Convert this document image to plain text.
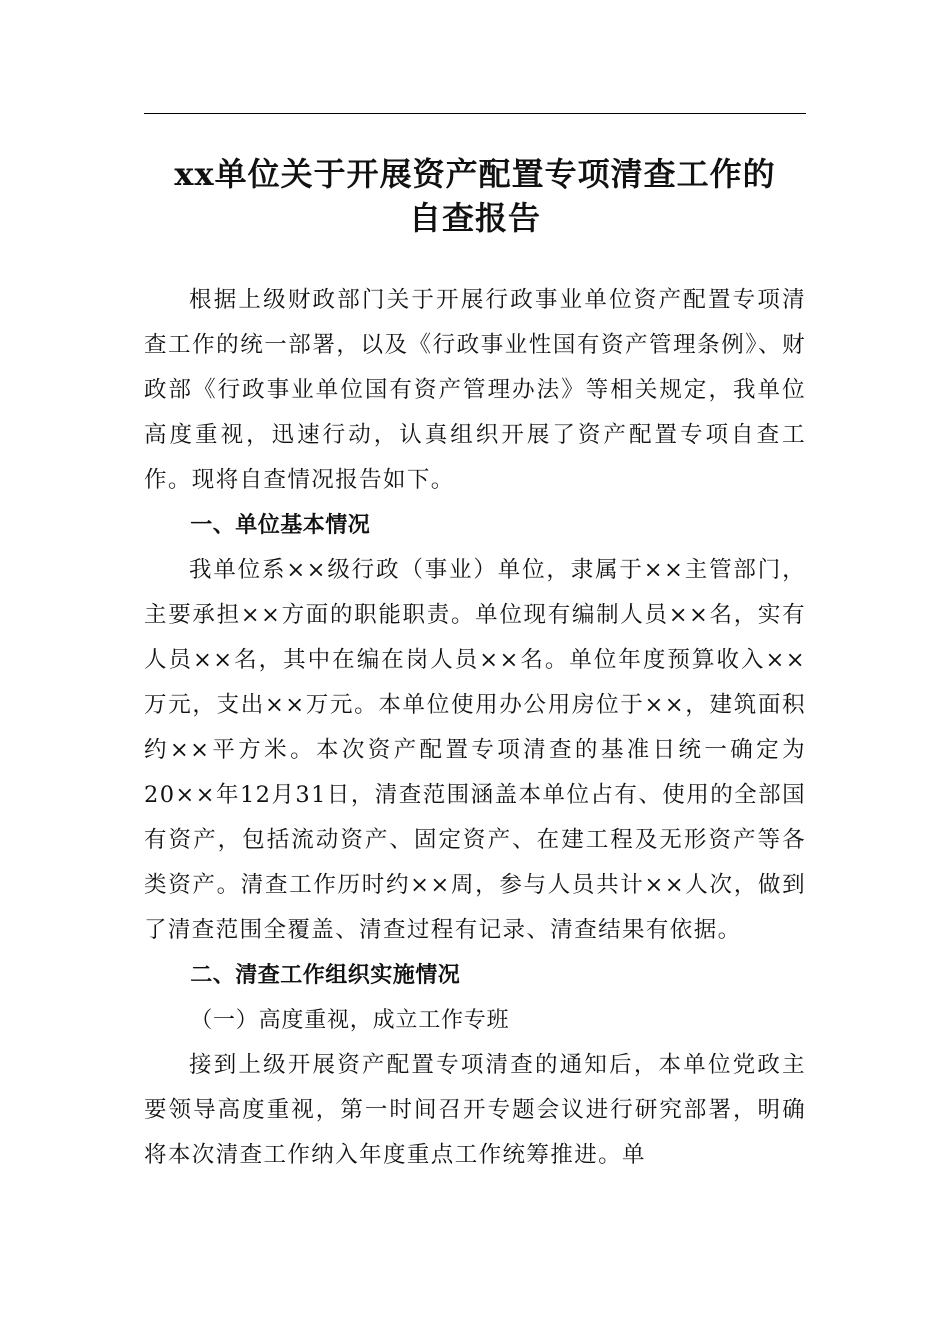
xx单位关于开展资产配置专项清查工作的
自查报告

根据上级财政部门关于开展行政事业单位资产配置专项清查工作的统一部署，以及《行政事业性国有资产管理条例》、财政部《行政事业单位国有资产管理办法》等相关规定，我单位高度重视，迅速行动，认真组织开展了资产配置专项自查工作。现将自查情况报告如下。

一、单位基本情况

我单位系××级行政（事业）单位，隶属于××主管部门，主要承担××方面的职能职责。单位现有编制人员××名，实有人员××名，其中在编在岗人员××名。单位年度预算收入××万元，支出××万元。本单位使用办公用房位于××，建筑面积约××平方米。本次资产配置专项清查的基准日统一确定为20××年12月31日，清查范围涵盖本单位占有、使用的全部国有资产，包括流动资产、固定资产、在建工程及无形资产等各类资产。清查工作历时约××周，参与人员共计××人次，做到了清查范围全覆盖、清查过程有记录、清查结果有依据。

二、清查工作组织实施情况

（一）高度重视，成立工作专班

接到上级开展资产配置专项清查的通知后，本单位党政主要领导高度重视，第一时间召开专题会议进行研究部署，明确将本次清查工作纳入年度重点工作统筹推进。单
